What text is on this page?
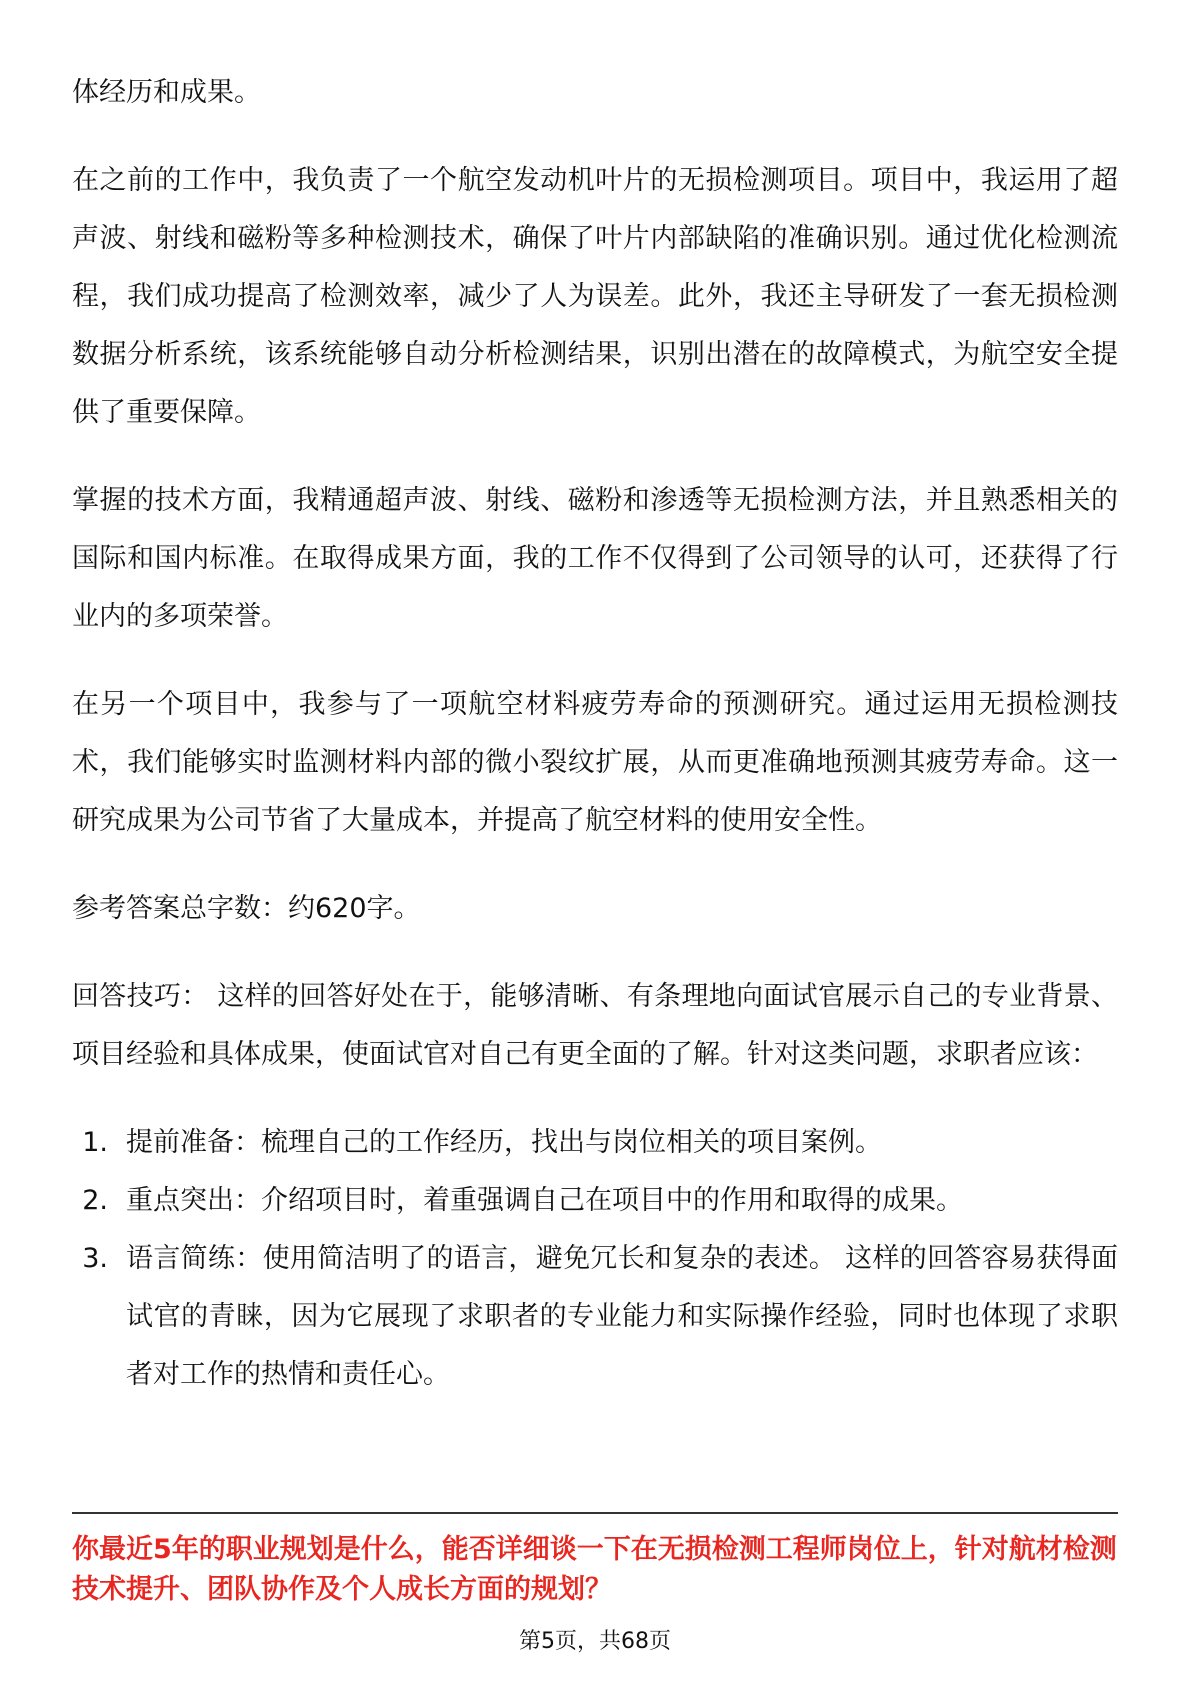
体经历和成果。

在之前的工作中，我负责了一个航空发动机叶片的无损检测项目。项目中，我运用了超声波、射线和磁粉等多种检测技术，确保了叶片内部缺陷的准确识别。通过优化检测流程，我们成功提高了检测效率，减少了人为误差。此外，我还主导研发了一套无损检测数据分析系统，该系统能够自动分析检测结果，识别出潜在的故障模式，为航空安全提供了重要保障。

掌握的技术方面，我精通超声波、射线、磁粉和渗透等无损检测方法，并且熟悉相关的国际和国内标准。在取得成果方面，我的工作不仅得到了公司领导的认可，还获得了行业内的多项荣誉。

在另一个项目中，我参与了一项航空材料疲劳寿命的预测研究。通过运用无损检测技术，我们能够实时监测材料内部的微小裂纹扩展，从而更准确地预测其疲劳寿命。这一研究成果为公司节省了大量成本，并提高了航空材料的使用安全性。

参考答案总字数：约620字。

回答技巧： 这样的回答好处在于，能够清晰、有条理地向面试官展示自己的专业背景、项目经验和具体成果，使面试官对自己有更全面的了解。针对这类问题，求职者应该：

1. 提前准备：梳理自己的工作经历，找出与岗位相关的项目案例。
2. 重点突出：介绍项目时，着重强调自己在项目中的作用和取得的成果。
3. 语言简练：使用简洁明了的语言，避免冗长和复杂的表述。 这样的回答容易获得面试官的青睐，因为它展现了求职者的专业能力和实际操作经验，同时也体现了求职者对工作的热情和责任心。

你最近5年的职业规划是什么，能否详细谈一下在无损检测工程师岗位上，针对航材检测技术提升、团队协作及个人成长方面的规划？

第5页，共68页
